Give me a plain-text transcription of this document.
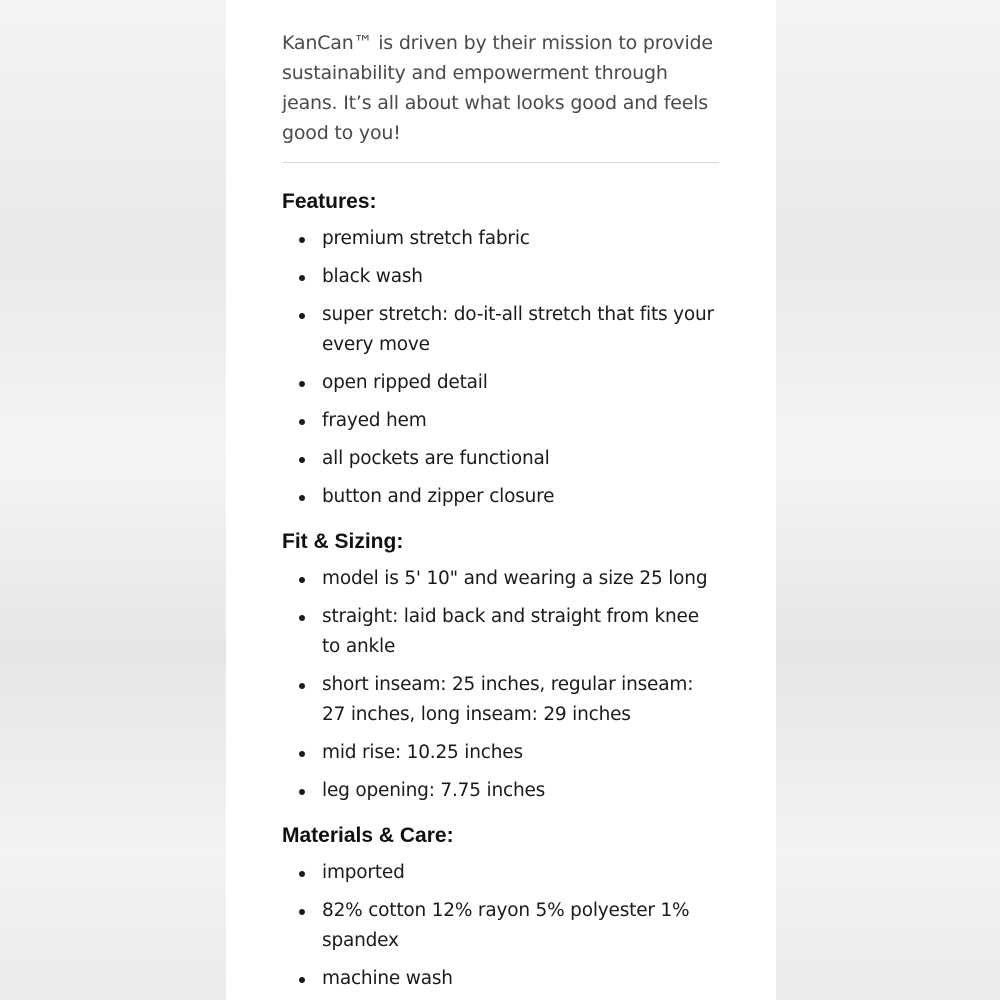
KanCan™ is driven by their mission to provide sustainability and empowerment through jeans. It’s all about what looks good and feels good to you!

Features:
premium stretch fabric
black wash
super stretch: do-it-all stretch that fits your every move
open ripped detail
frayed hem
all pockets are functional
button and zipper closure
Fit & Sizing:
model is 5' 10" and wearing a size 25 long
straight: laid back and straight from knee to ankle
short inseam: 25 inches, regular inseam: 27 inches, long inseam: 29 inches
mid rise: 10.25 inches
leg opening: 7.75 inches
Materials & Care:
imported
82% cotton 12% rayon 5% polyester 1% spandex
machine wash
